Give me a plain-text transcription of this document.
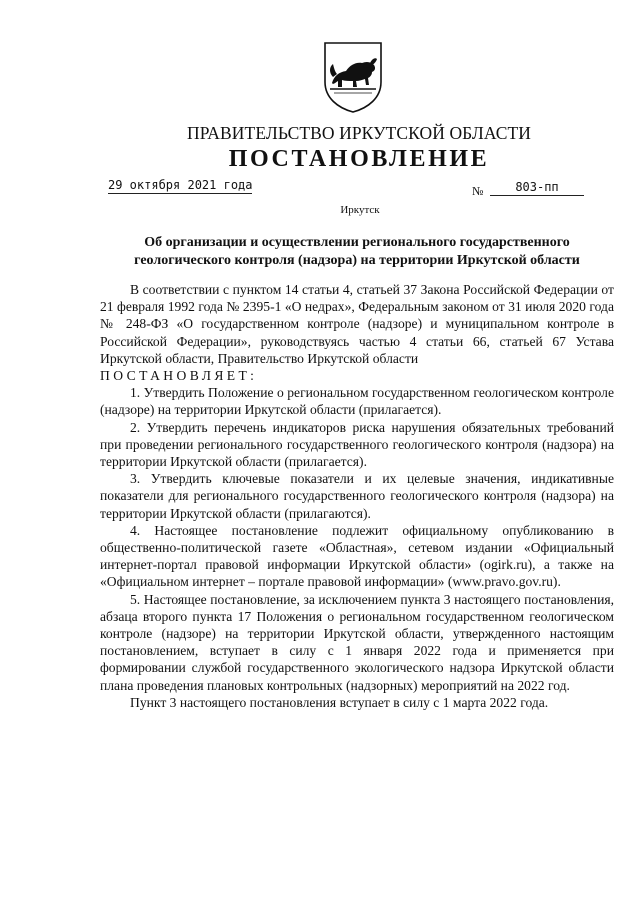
ПРАВИТЕЛЬСТВО ИРКУТСКОЙ ОБЛАСТИ
ПОСТАНОВЛЕНИЕ
29 октября 2021 года	№	803-пп
Иркутск
Об организации и осуществлении регионального государственного
геологического контроля (надзора) на территории Иркутской области

В соответствии с пунктом 14 статьи 4, статьей 37 Закона Российской Федерации от 21 февраля 1992 года № 2395-1 «О недрах», Федеральным законом от 31 июля 2020 года № 248-ФЗ «О государственном контроле (надзоре) и муниципальном контроле в Российской Федерации», руководствуясь частью 4 статьи 66, статьей 67 Устава Иркутской области, Правительство Иркутской области

ПОСТАНОВЛЯЕТ:

1. Утвердить Положение о региональном государственном геологическом контроле (надзоре) на территории Иркутской области (прилагается).

2. Утвердить перечень индикаторов риска нарушения обязательных требований при проведении регионального государственного геологического контроля (надзора) на территории Иркутской области (прилагается).

3. Утвердить ключевые показатели и их целевые значения, индикативные показатели для регионального государственного геологического контроля (надзора) на территории Иркутской области (прилагаются).

4. Настоящее постановление подлежит официальному опубликованию в общественно-политической газете «Областная», сетевом издании «Официальный интернет-портал правовой информации Иркутской области» (ogirk.ru), а также на «Официальном интернет – портале правовой информации» (www.pravo.gov.ru).

5. Настоящее постановление, за исключением пункта 3 настоящего постановления, абзаца второго пункта 17 Положения о региональном государственном геологическом контроле (надзоре) на территории Иркутской области, утвержденного настоящим постановлением, вступает в силу с 1 января 2022 года и применяется при формировании службой государственного экологического надзора Иркутской области плана проведения плановых контрольных (надзорных) мероприятий на 2022 год.

Пункт 3 настоящего постановления вступает в силу с 1 марта 2022 года.
